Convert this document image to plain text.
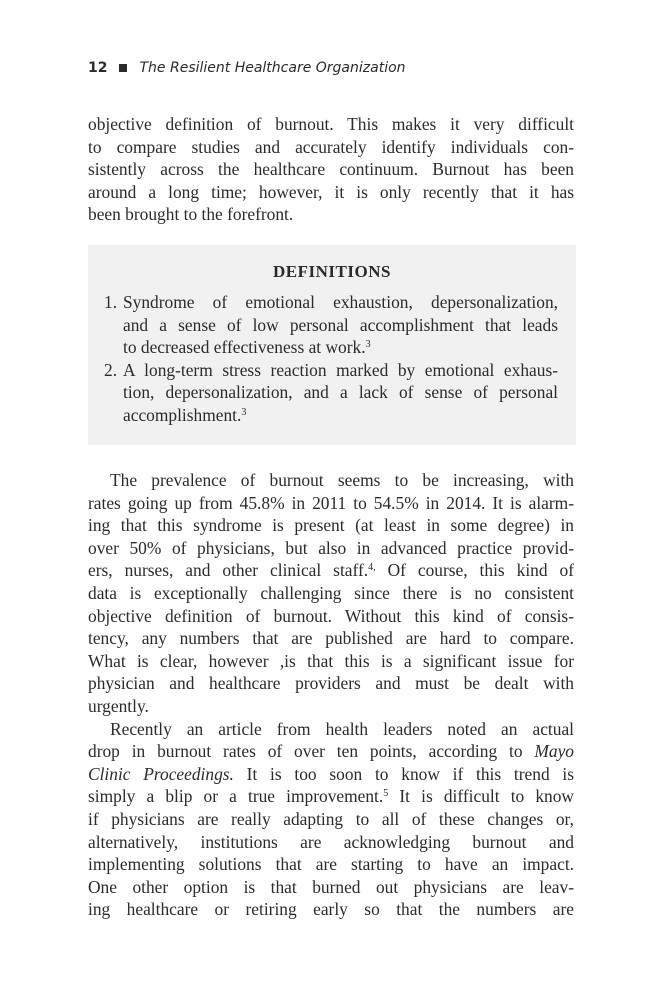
12 The Resilient Healthcare Organization
objective definition of burnout. This makes it very difficult
to compare studies and accurately identify individuals con-
sistently across the healthcare continuum. Burnout has been
around a long time; however, it is only recently that it has
been brought to the forefront.
DEFINITIONS
1. Syndrome of emotional exhaustion, depersonalization,
and a sense of low personal accomplishment that leads
to decreased effectiveness at work.$^3$
2. A long-term stress reaction marked by emotional exhaus-
tion, depersonalization, and a lack of sense of personal
accomplishment.$^3$
The prevalence of burnout seems to be increasing, with
rates going up from 45.8% in 2011 to 54.5% in 2014. It is alarm-
ing that this syndrome is present (at least in some degree) in
over 50% of physicians, but also in advanced practice provid-
ers, nurses, and other clinical staff.$^{4,}$ Of course, this kind of
data is exceptionally challenging since there is no consistent
objective definition of burnout. Without this kind of consis-
tency, any numbers that are published are hard to compare.
What is clear, however ,is that this is a significant issue for
physician and healthcare providers and must be dealt with
urgently.
Recently an article from health leaders noted an actual
drop in burnout rates of over ten points, according to Mayo
Clinic Proceedings. It is too soon to know if this trend is
simply a blip or a true improvement.$^5$ It is difficult to know
if physicians are really adapting to all of these changes or,
alternatively, institutions are acknowledging burnout and
implementing solutions that are starting to have an impact.
One other option is that burned out physicians are leav-
ing healthcare or retiring early so that the numbers are
